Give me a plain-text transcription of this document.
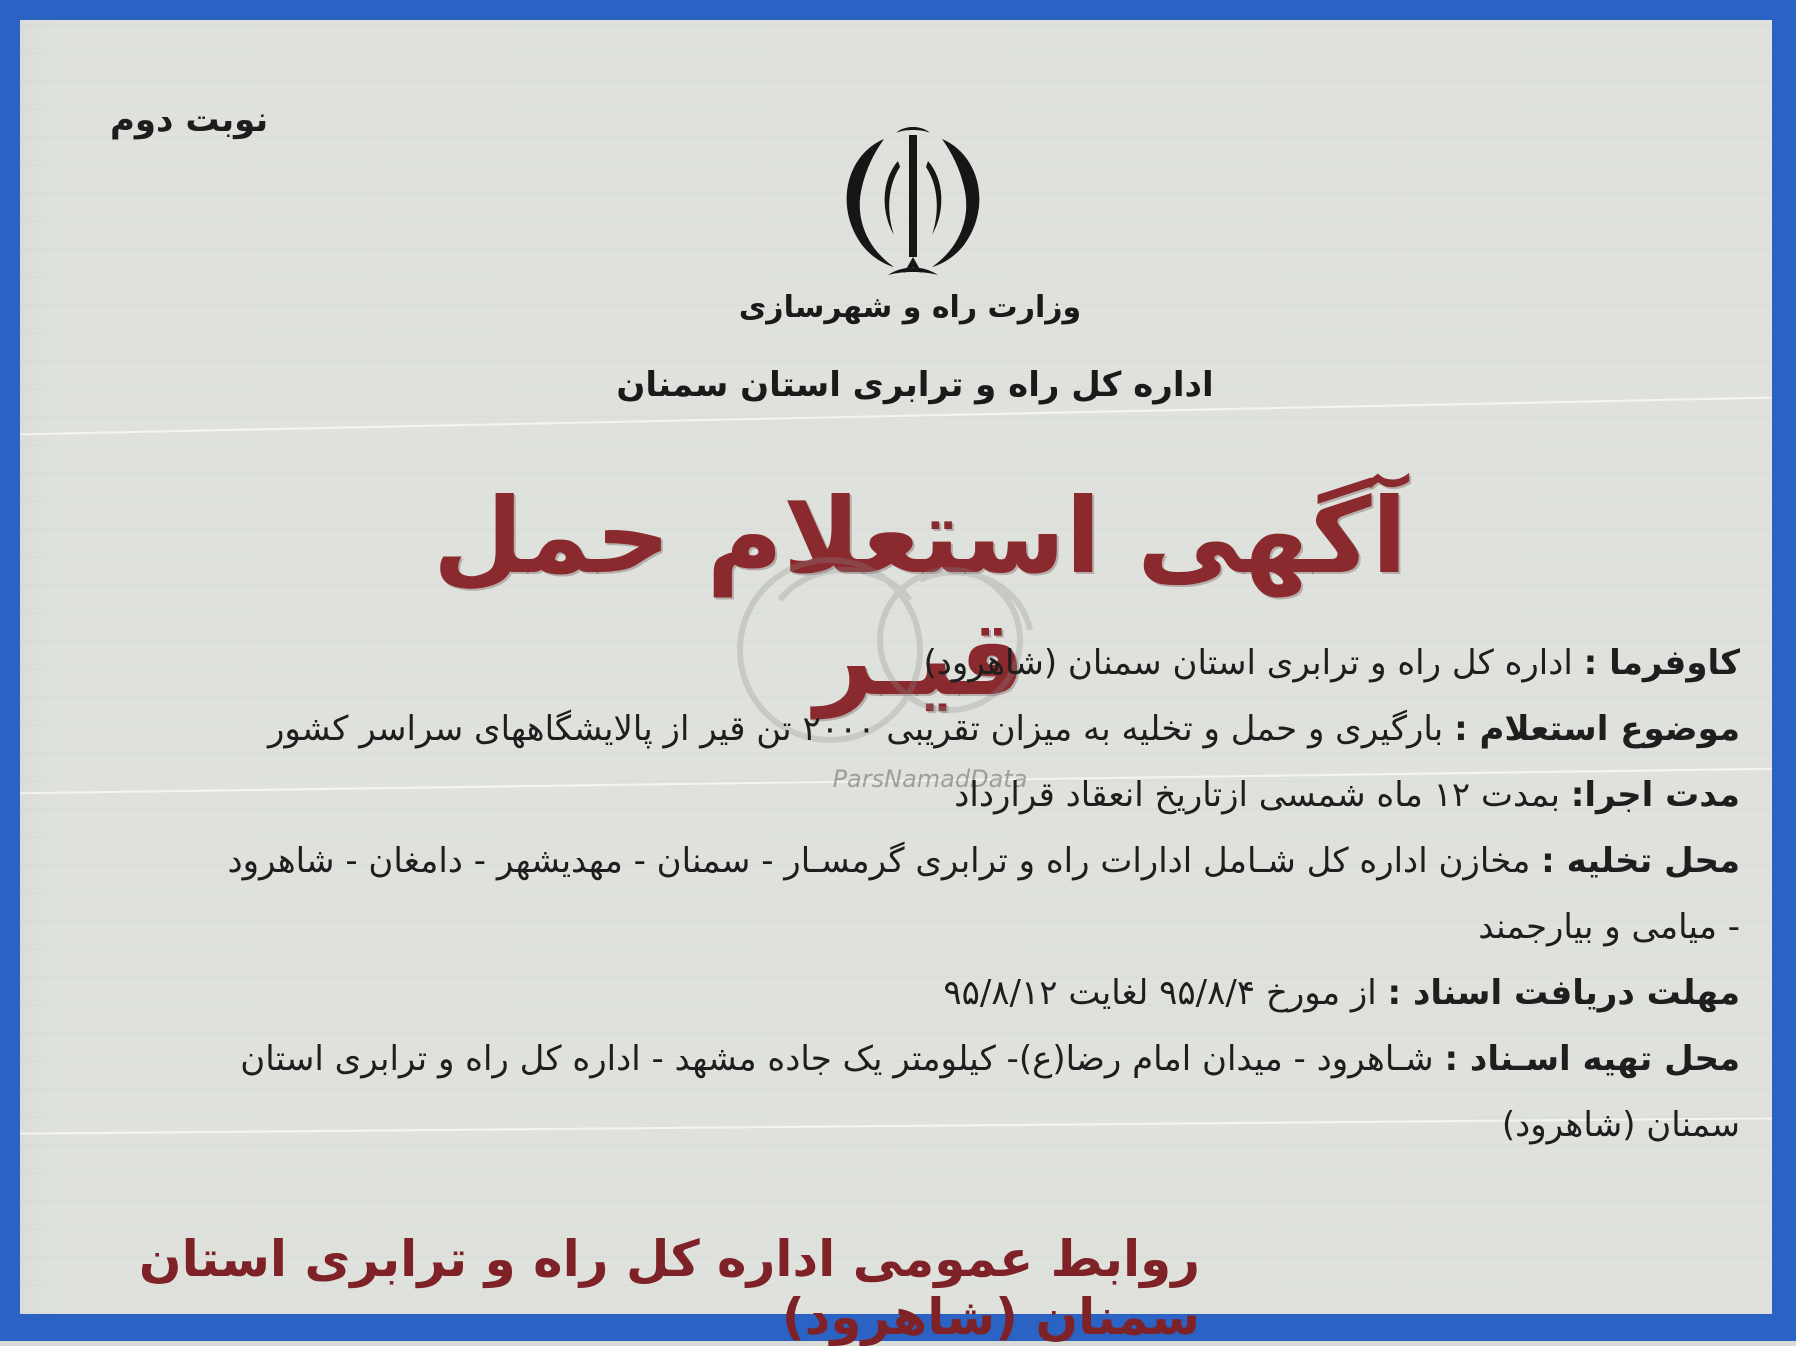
نوبت دوم
وزارت راه و شهرسازی
اداره کل راه و ترابری استان سمنان
آگهی استعلام حمل قیـر
ParsNamadData
کاوفرما : اداره کل راه و ترابری استان سمنان (شاهرود)
موضوع استعلام : بارگیری و حمل و تخلیه به میزان تقریبی ۲۰۰۰ تن قیر از پالایشگاههای سراسر کشور
مدت اجرا: بمدت ۱۲ ماه شمسی ازتاریخ انعقاد قرارداد
محل تخلیه : مخازن اداره کل شـامل ادارات راه و ترابری گرمسـار - سمنان - مهدیشهر - دامغان - شاهرود
- میامی و بیارجمند
مهلت دریافت اسناد : از مورخ ۹۵/۸/۴ لغایت ۹۵/۸/۱۲
محل تهیه اسـناد : شـاهرود - میدان امام رضا(ع)- کیلومتر یک جاده مشهد - اداره کل راه و ترابری استان
سمنان (شاهرود)
روابط عمومی اداره کل راه و ترابری استان سمنان (شاهرود)
